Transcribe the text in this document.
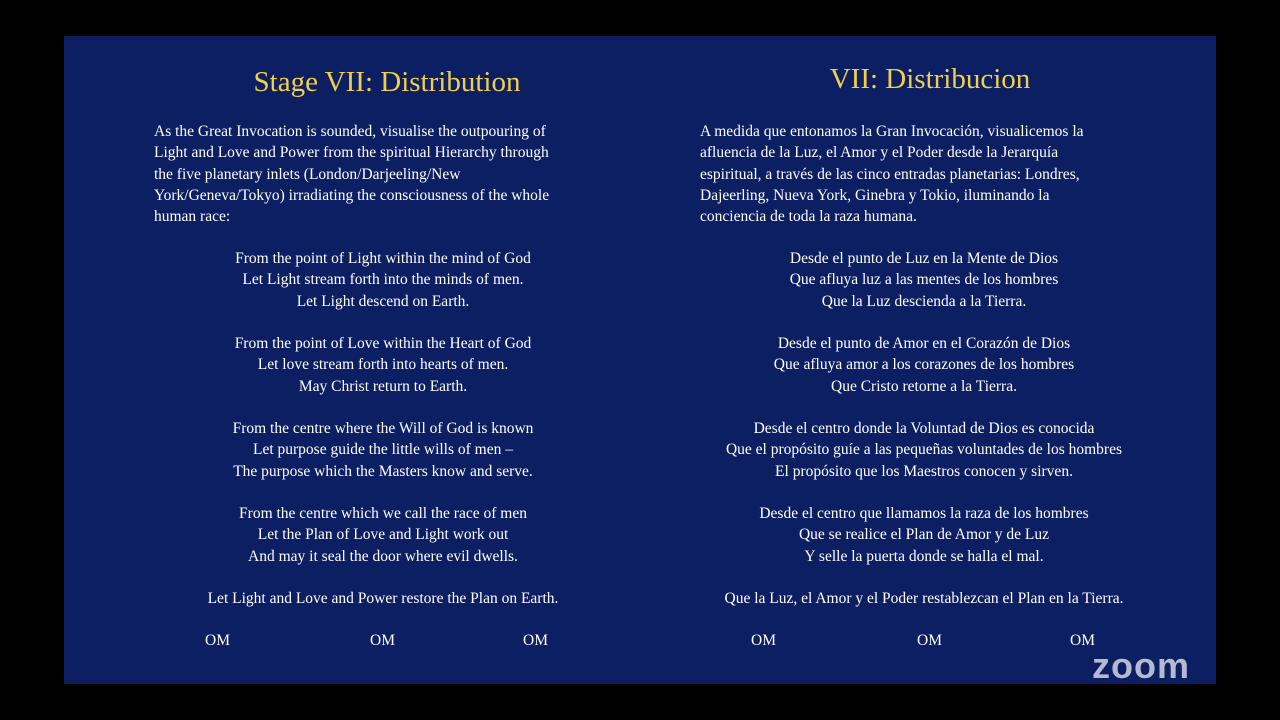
Stage VII: Distribution
As the Great Invocation is sounded, visualise the outpouring of
Light and Love and Power from the spiritual Hierarchy through
the five planetary inlets (London/Darjeeling/New
York/Geneva/Tokyo) irradiating the consciousness of the whole
human race:
From the point of Light within the mind of God
Let Light stream forth into the minds of men.
Let Light descend on Earth.
From the point of Love within the Heart of God
Let love stream forth into hearts of men.
May Christ return to Earth.
From the centre where the Will of God is known
Let purpose guide the little wills of men –
The purpose which the Masters know and serve.
From the centre which we call the race of men
Let the Plan of Love and Light work out
And may it seal the door where evil dwells.
Let Light and Love and Power restore the Plan on Earth.
OM	OM	OM
VII: Distribucion
A medida que entonamos la Gran Invocación, visualicemos la
afluencia de la Luz, el Amor y el Poder desde la Jerarquía
espiritual, a través de las cinco entradas planetarias: Londres,
Dajeerling, Nueva York, Ginebra y Tokio, iluminando la
conciencia de toda la raza humana.
Desde el punto de Luz en la Mente de Dios
Que afluya luz a las mentes de los hombres
Que la Luz descienda a la Tierra.
Desde el punto de Amor en el Corazón de Dios
Que afluya amor a los corazones de los hombres
Que Cristo retorne a la Tierra.
Desde el centro donde la Voluntad de Dios es conocida
Que el propósito guíe a las pequeñas voluntades de los hombres
El propósito que los Maestros conocen y sirven.
Desde el centro que llamamos la raza de los hombres
Que se realice el Plan de Amor y de Luz
Y selle la puerta donde se halla el mal.
Que la Luz, el Amor y el Poder restablezcan el Plan en la Tierra.
OM	OM	OM
zoom
